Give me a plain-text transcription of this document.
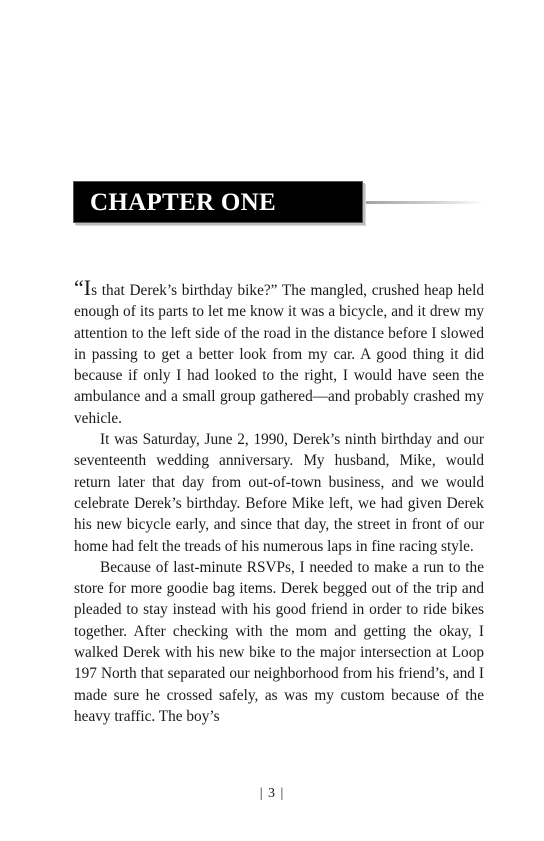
CHAPTER ONE

“Is that Derek’s birthday bike?” The mangled, crushed heap held enough of its parts to let me know it was a bicycle, and it drew my attention to the left side of the road in the distance before I slowed in passing to get a better look from my car. A good thing it did because if only I had looked to the right, I would have seen the ambulance and a small group gathered—and probably crashed my vehicle.

It was Saturday, June 2, 1990, Derek’s ninth birthday and our seventeenth wedding anniversary. My husband, Mike, would return later that day from out-of-town business, and we would celebrate Derek’s birthday. Before Mike left, we had given Derek his new bicycle early, and since that day, the street in front of our home had felt the treads of his numerous laps in fine racing style.

Because of last-minute RSVPs, I needed to make a run to the store for more goodie bag items. Derek begged out of the trip and pleaded to stay instead with his good friend in order to ride bikes together. After checking with the mom and getting the okay, I walked Derek with his new bike to the major intersection at Loop 197 North that separated our neighborhood from his friend’s, and I made sure he crossed safely, as was my custom because of the heavy traffic. The boy’s

| 3 |
